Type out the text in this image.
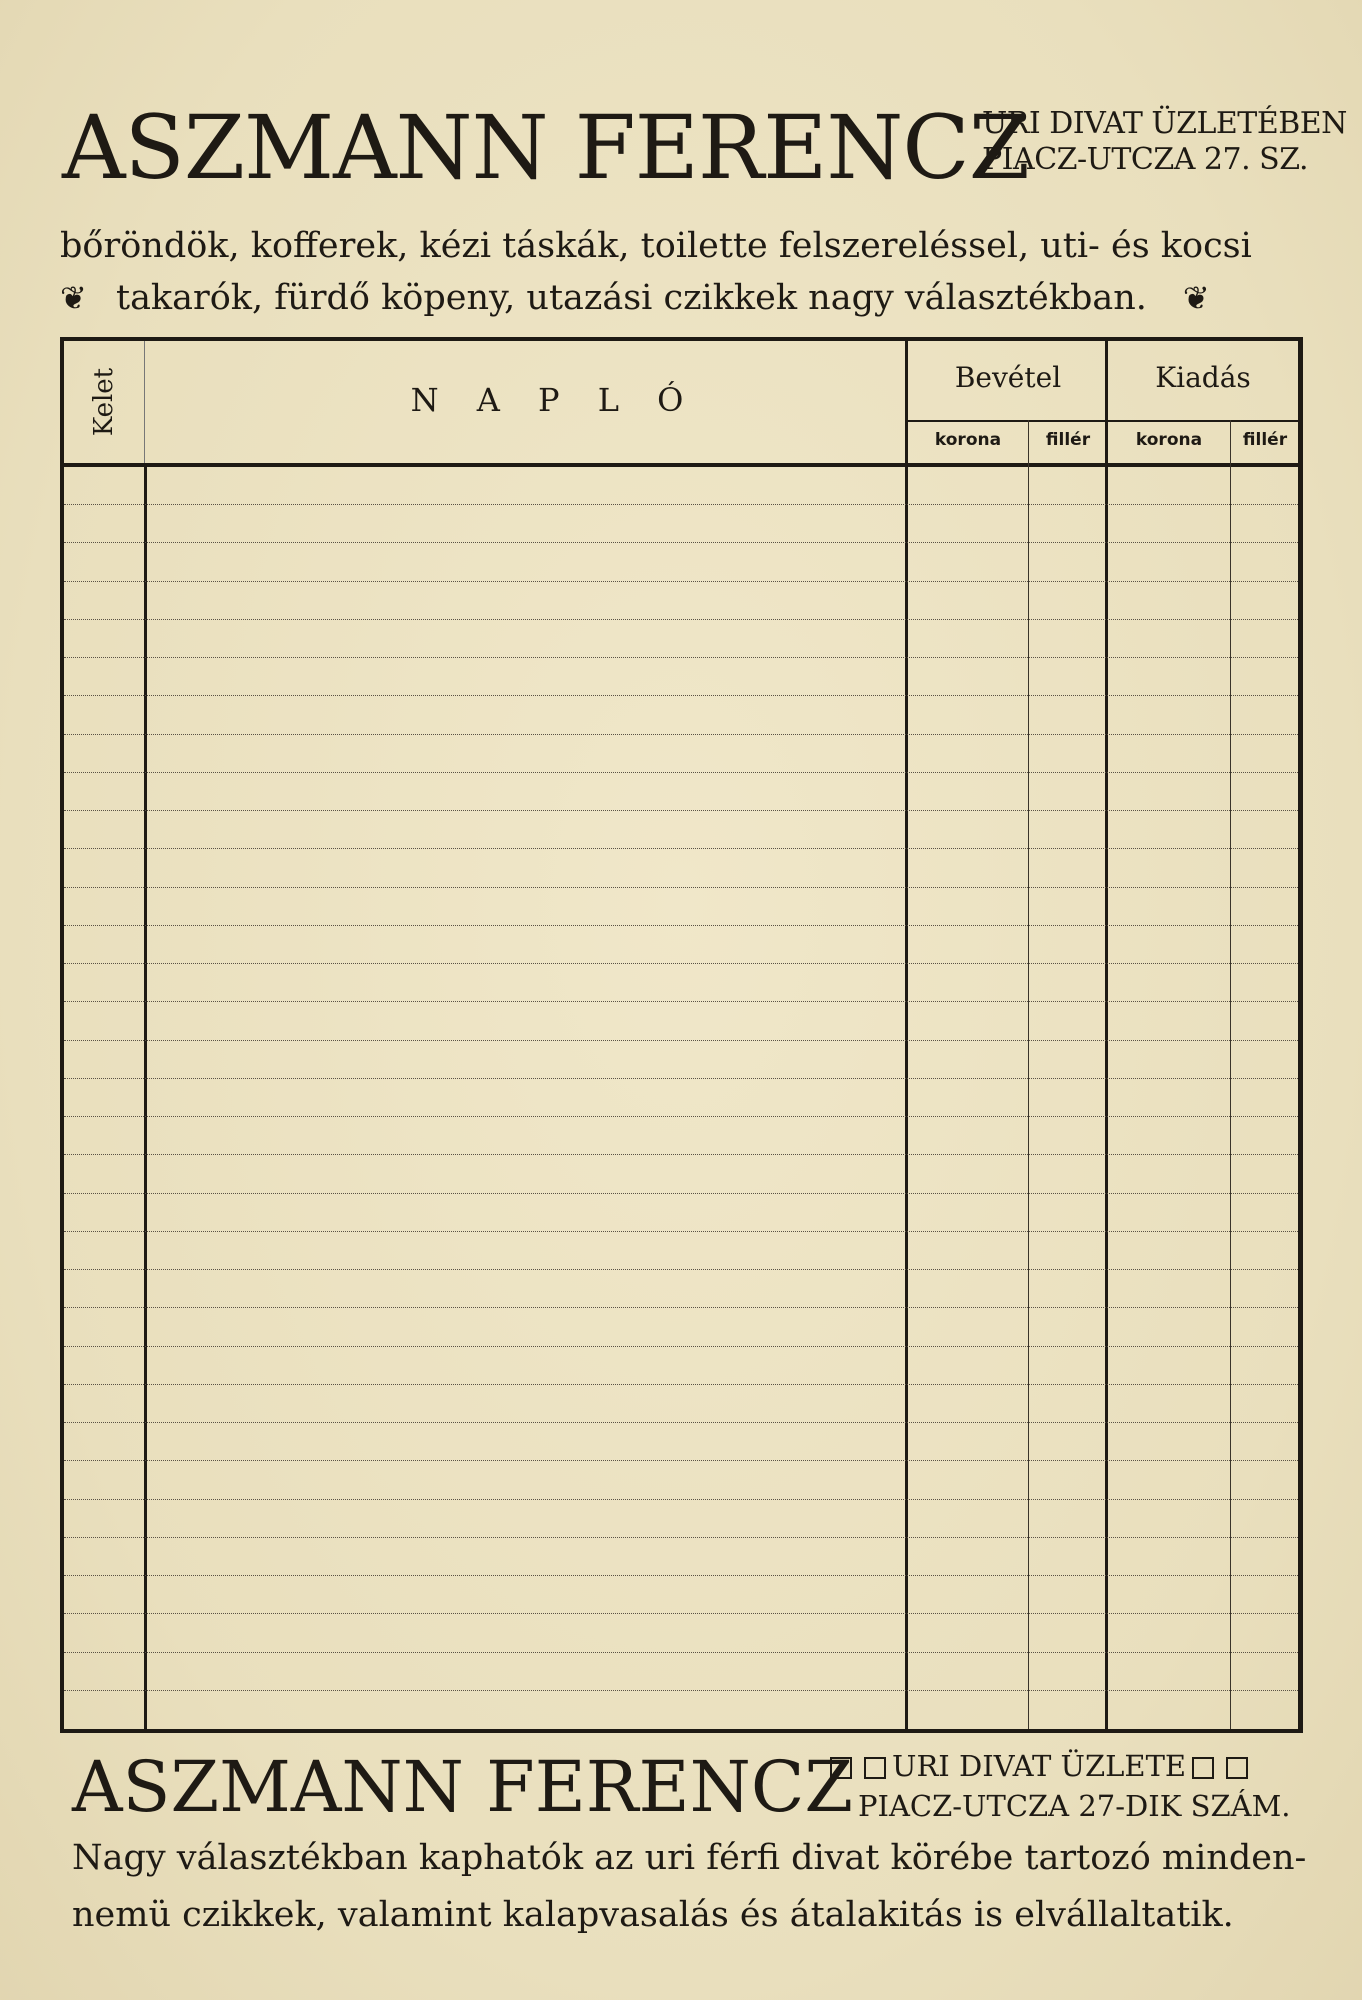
ASZMANN FERENCZ
URI DIVAT ÜZLETÉBEN
PIACZ-UTCZA 27. SZ.
bőröndök, kofferek, kézi táskák, toilette felszereléssel, uti- és kocsi
❦ takarók, fürdő köpeny, utazási czikkek nagy választékban. ❦
Kelet	N A P L Ó
Bevétel	Kiadás
korona	fillér	korona	fillér
ASZMANN FERENCZ	URI DIVAT ÜZLETE
PIACZ-UTCZA 27-DIK SZÁM.
Nagy választékban kaphatók az uri férfi divat körébe tartozó minden-
nemü czikkek, valamint kalapvasalás és átalakitás is elvállaltatik.
